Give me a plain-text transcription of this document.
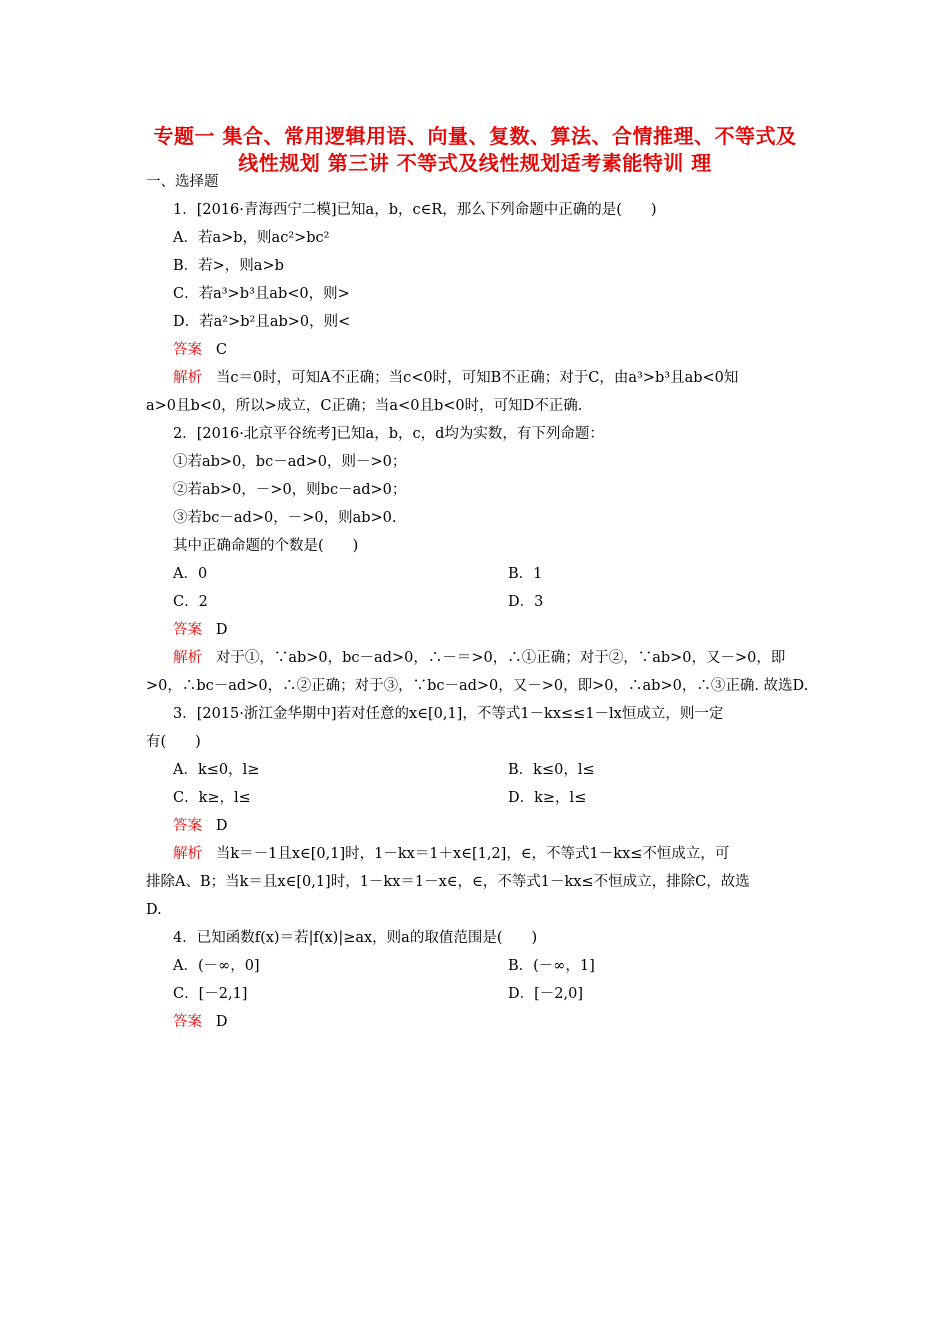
专题一 集合、常用逻辑用语、向量、复数、算法、合情推理、不等式及
线性规划 第三讲 不等式及线性规划适考素能特训 理
一、选择题
1．[2016·青海西宁二模]已知a，b，c∈R，那么下列命题中正确的是(　　)
A．若a>b，则ac²>bc²
B．若>，则a>b
C．若a³>b³且ab<0，则>
D．若a²>b²且ab>0，则<
答案 C
解析 当c＝0时，可知A不正确；当c<0时，可知B不正确；对于C，由a³>b³且ab<0知
a>0且b<0，所以>成立，C正确；当a<0且b<0时，可知D不正确.
2．[2016·北京平谷统考]已知a，b，c，d均为实数，有下列命题：
①若ab>0，bc－ad>0，则－>0；
②若ab>0，－>0，则bc－ad>0；
③若bc－ad>0，－>0，则ab>0.
其中正确命题的个数是(　　)
A．0	B．1
C．2	D．3
答案 D
解析 对于①，∵ab>0，bc－ad>0，∴－＝>0，∴①正确；对于②，∵ab>0，又－>0，即
>0，∴bc－ad>0，∴②正确；对于③，∵bc－ad>0，又－>0，即>0，∴ab>0，∴③正确. 故选D.
3．[2015·浙江金华期中]若对任意的x∈[0,1]，不等式1－kx≤≤1－lx恒成立，则一定
有(　　)
A．k≤0，l≥	B．k≤0，l≤
C．k≥，l≤	D．k≥，l≤
答案 D
解析 当k＝－1且x∈[0,1]时，1－kx＝1＋x∈[1,2]，∈，不等式1－kx≤不恒成立，可
排除A、B；当k＝且x∈[0,1]时，1－kx＝1－x∈，∈，不等式1－kx≤不恒成立，排除C，故选
D.
4．已知函数f(x)＝若|f(x)|≥ax，则a的取值范围是(　　)
A．(－∞，0]	B．(－∞，1]
C．[－2,1]	D．[－2,0]
答案 D
